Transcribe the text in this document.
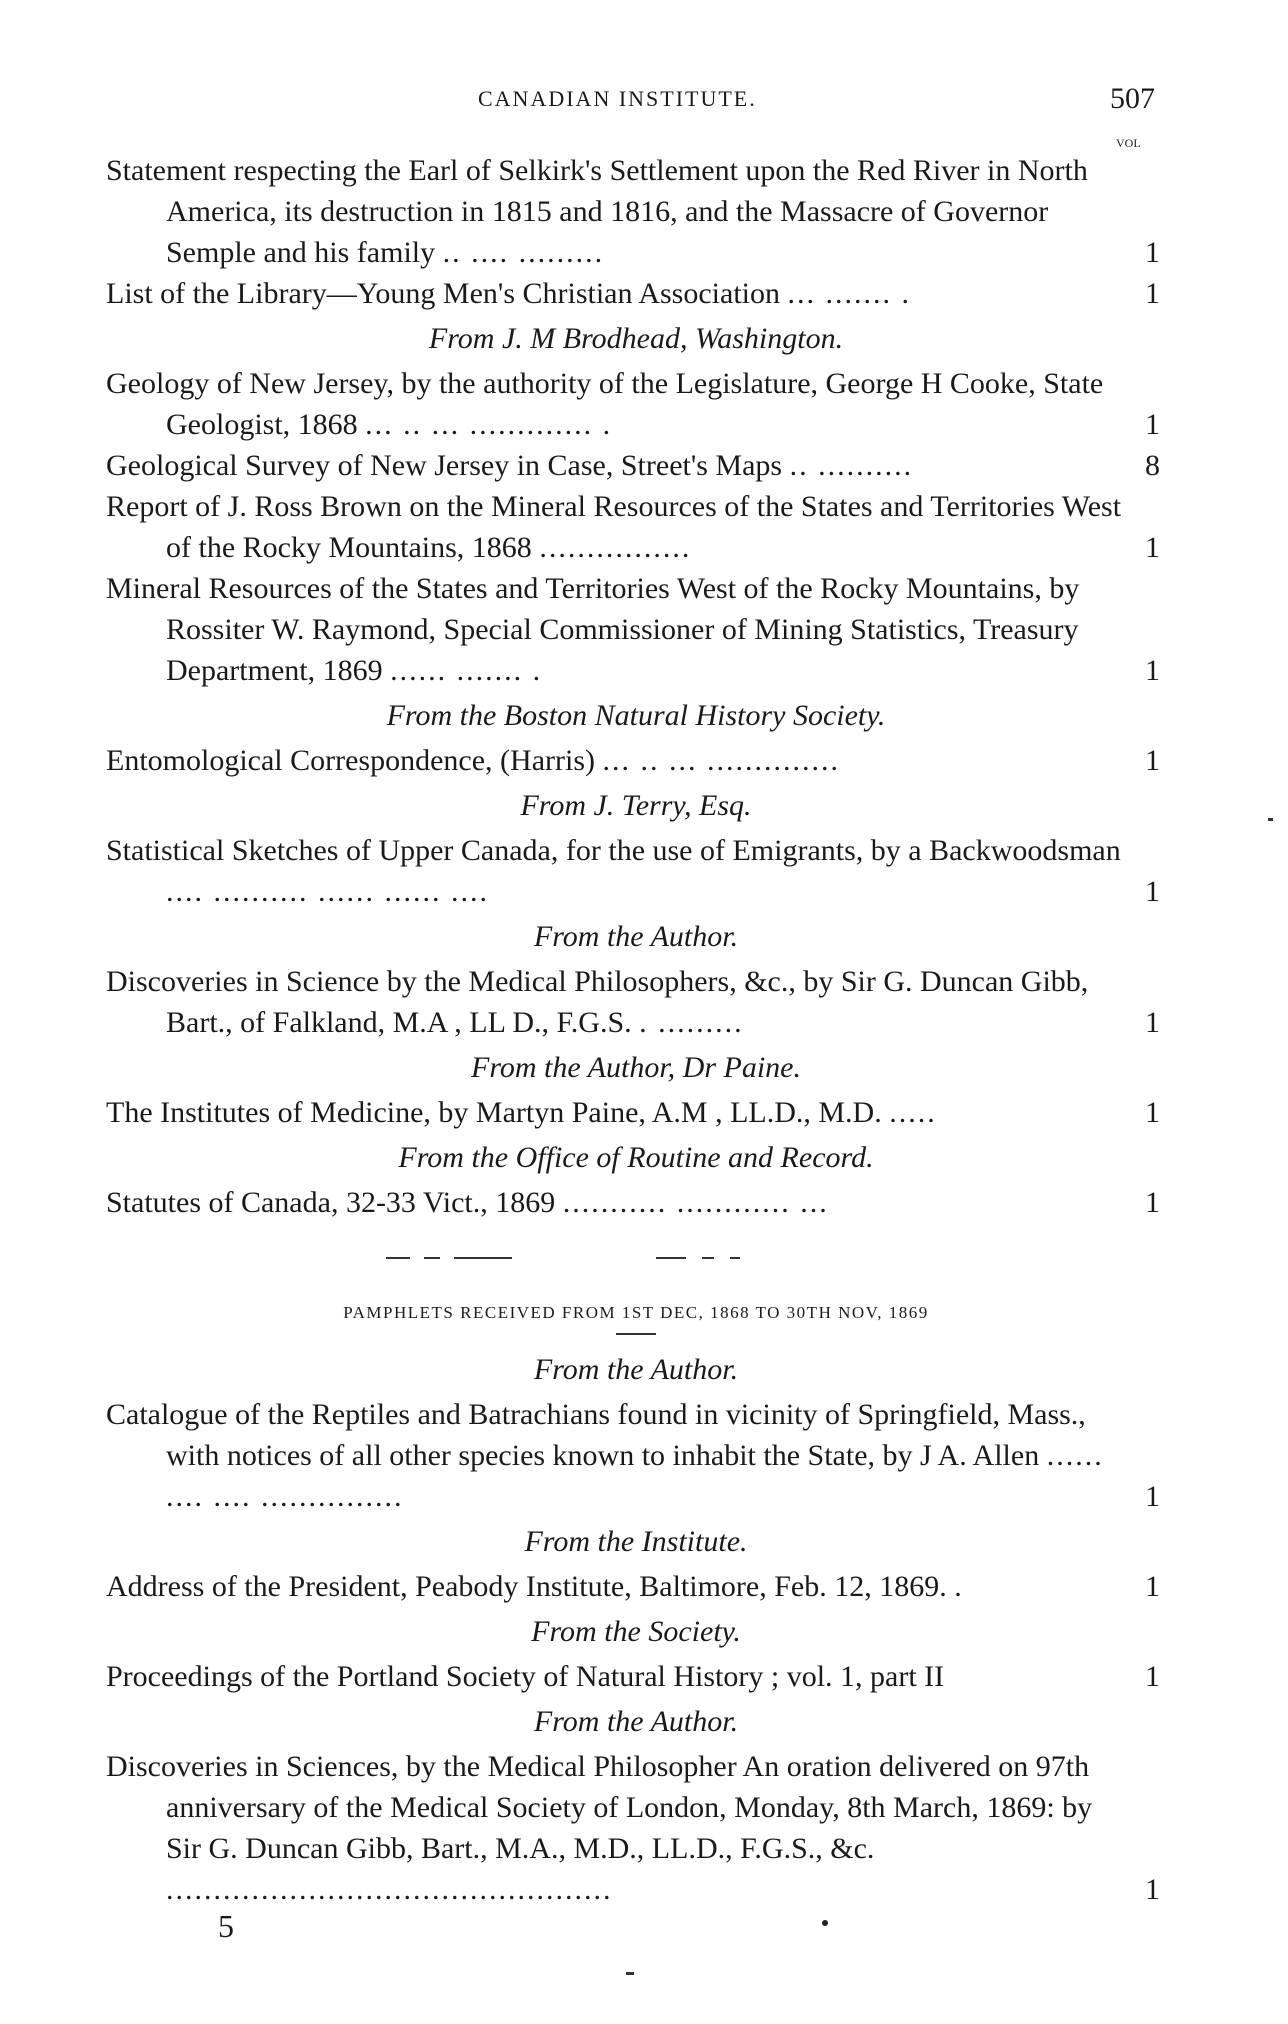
CANADIAN INSTITUTE.	507
VOL
Statement respecting the Earl of Selkirk's Settlement upon the Red River in North America, its destruction in 1815 and 1816, and the Massacre of Governor Semple and his family .. .... .........	1
List of the Library—Young Men's Christian Association ... ....... .	1
From J. M Brodhead, Washington.
Geology of New Jersey, by the authority of the Legislature, George H Cooke, State Geologist, 1868 ... .. ... ............. .	1
Geological Survey of New Jersey in Case, Street's Maps .. ..........	8
Report of J. Ross Brown on the Mineral Resources of the States and Territories West of the Rocky Mountains, 1868 ................	1
Mineral Resources of the States and Territories West of the Rocky Mountains, by Rossiter W. Raymond, Special Commissioner of Mining Statistics, Treasury Department, 1869 ...... ....... .	1
From the Boston Natural History Society.
Entomological Correspondence, (Harris) ... .. ... ..............	1
From J. Terry, Esq.
Statistical Sketches of Upper Canada, for the use of Emigrants, by a Backwoodsman .... .......... ...... ...... ....	1
From the Author.
Discoveries in Science by the Medical Philosophers, &c., by Sir G. Duncan Gibb, Bart., of Falkland, M.A , LL D., F.G.S. . .........	1
From the Author, Dr Paine.
The Institutes of Medicine, by Martyn Paine, A.M , LL.D., M.D. .....	1
From the Office of Routine and Record.
Statutes of Canada, 32-33 Vict., 1869 ........... ............ ...	1
PAMPHLETS RECEIVED FROM 1ST DEC, 1868 TO 30TH NOV, 1869
From the Author.
Catalogue of the Reptiles and Batrachians found in vicinity of Springfield, Mass., with notices of all other species known to inhabit the State, by J A. Allen ...... .... .... ...............	1
From the Institute.
Address of the President, Peabody Institute, Baltimore, Feb. 12, 1869. .	1
From the Society.
Proceedings of the Portland Society of Natural History ; vol. 1, part II	1
From the Author.
Discoveries in Sciences, by the Medical Philosopher An oration delivered on 97th anniversary of the Medical Society of London, Monday, 8th March, 1869: by Sir G. Duncan Gibb, Bart., M.A., M.D., LL.D., F.G.S., &c. ...............................................	1
5
